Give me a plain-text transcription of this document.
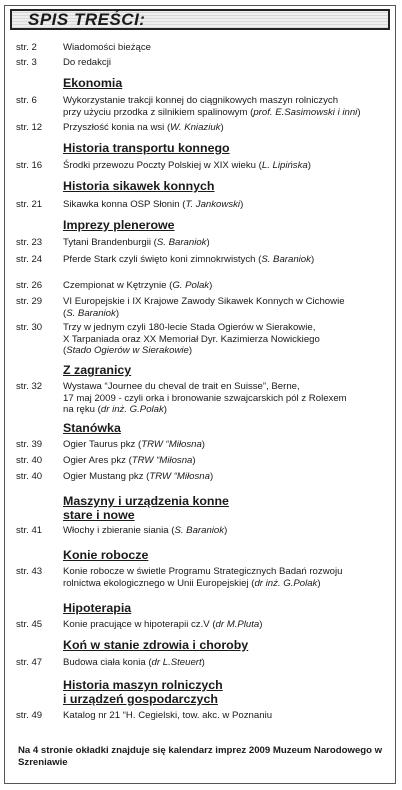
SPIS TREŚCI:
str. 2	Wiadomości bieżące
str. 3	Do redakcji
Ekonomia
str. 6	Wykorzystanie trakcji konnej do ciągnikowych maszyn rolniczych
przy użyciu przodka z silnikiem spalinowym (prof. E.Sasimowski i inni)
str. 12 Przyszłość konia na wsi (W. Kniaziuk)
Historia transportu konnego
str. 16 Środki przewozu Poczty Polskiej w XIX wieku (L. Lipińska)
Historia sikawek konnych
str. 21 Sikawka konna OSP Słonin (T. Jankowski)
Imprezy plenerowe
str. 23 Tytani Brandenburgii (S. Baraniok)
str. 24 Pferde Stark czyli święto koni zimnokrwistych (S. Baraniok)
str. 26 Czempionat w Kętrzynie (G. Polak)
str. 29 VI Europejskie i IX Krajowe Zawody Sikawek Konnych w Cichowie
(S. Baraniok)
str. 30 Trzy w jednym czyli 180-lecie Stada Ogierów w Sierakowie,
X Tarpaniada oraz XX Memoriał Dyr. Kazimierza Nowickiego
(Stado Ogierów w Sierakowie)
Z zagranicy
str. 32 Wystawa “Journee du cheval de trait en Suisse”, Berne,
17 maj 2009 - czyli orka i bronowanie szwajcarskich pól z Rolexem
na ręku (dr inż. G.Polak)
Stanówka
str. 39 Ogier Taurus pkz (TRW “Miłosna)
str. 40 Ogier Ares pkz (TRW “Miłosna)
str. 40 Ogier Mustang pkz (TRW “Miłosna)
Maszyny i urządzenia konne
stare i nowe
str. 41 Włochy i zbieranie siania (S. Baraniok)
Konie robocze
str. 43 Konie robocze w świetle Programu Strategicznych Badań rozwoju
rolnictwa ekologicznego w Unii Europejskiej (dr inż. G.Polak)
Hipoterapia
str. 45 Konie pracujące w hipoterapii cz.V (dr M.Pluta)
Koń w stanie zdrowia i choroby
str. 47 Budowa ciała konia (dr L.Steuert)
Historia maszyn rolniczych
i urządzeń gospodarczych
str. 49 Katalog nr 21 “H. Cegielski, tow. akc. w Poznaniu
Na 4 stronie okładki znajduje się kalendarz imprez 2009 Muzeum Narodowego w Szreniawie
